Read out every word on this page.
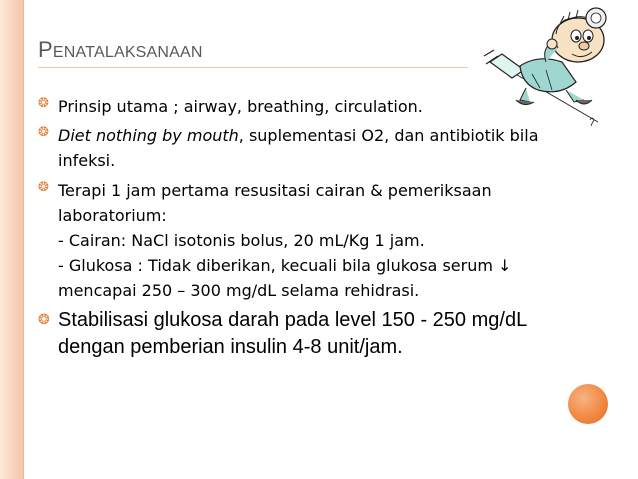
PENATALAKSANAAN
❂ Prinsip utama ; airway, breathing, circulation.
❂ Diet nothing by mouth, suplementasi O2, dan antibiotik bila
infeksi.
❂ Terapi 1 jam pertama resusitasi cairan & pemeriksaan
laboratorium:
- Cairan: NaCl isotonis bolus, 20 mL/Kg 1 jam.
- Glukosa : Tidak diberikan, kecuali bila glukosa serum ↓
mencapai 250 – 300 mg/dL selama rehidrasi.
❂ Stabilisasi glukosa darah pada level 150 - 250 mg/dL
dengan pemberian insulin 4-8 unit/jam.
